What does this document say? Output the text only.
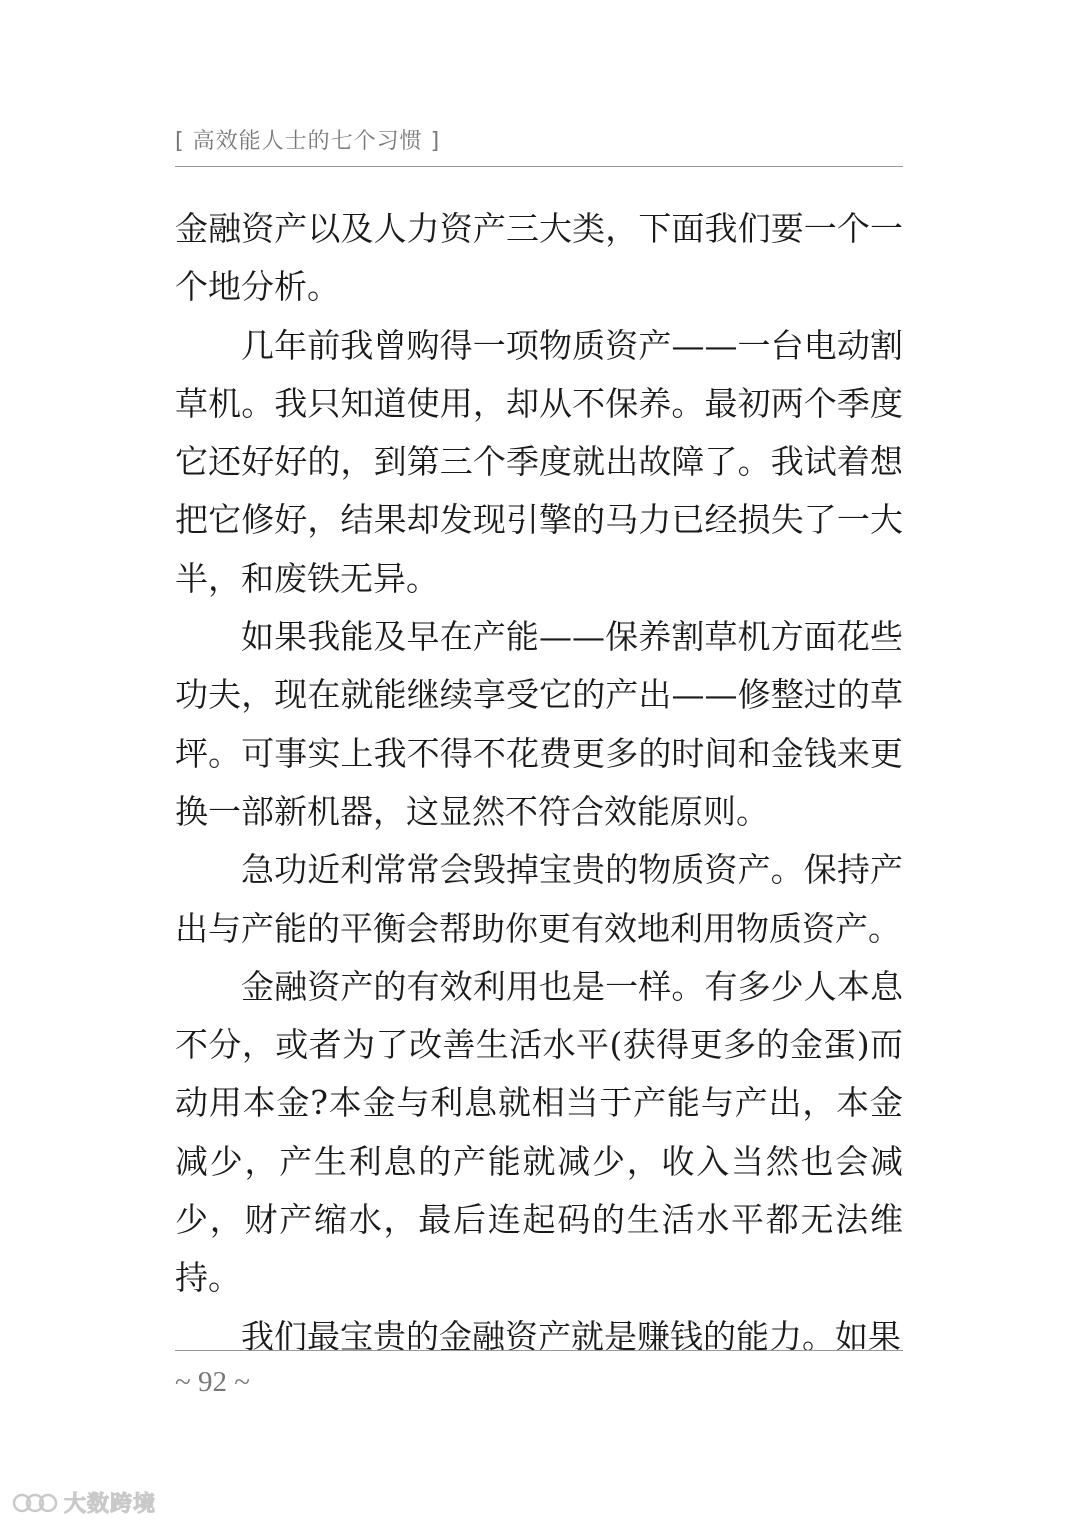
[ 高效能人士的七个习惯 ]

金融资产以及人力资产三大类，下面我们要一个一个地分析。

几年前我曾购得一项物质资产——一台电动割草机。我只知道使用，却从不保养。最初两个季度它还好好的，到第三个季度就出故障了。我试着想把它修好，结果却发现引擎的马力已经损失了一大半，和废铁无异。

如果我能及早在产能——保养割草机方面花些功夫，现在就能继续享受它的产出——修整过的草坪。可事实上我不得不花费更多的时间和金钱来更换一部新机器，这显然不符合效能原则。

急功近利常常会毁掉宝贵的物质资产。保持产出与产能的平衡会帮助你更有效地利用物质资产。

金融资产的有效利用也是一样。有多少人本息不分，或者为了改善生活水平(获得更多的金蛋)而动用本金?本金与利息就相当于产能与产出，本金减少，产生利息的产能就减少，收入当然也会减少，财产缩水，最后连起码的生活水平都无法维持。

我们最宝贵的金融资产就是赚钱的能力。如果

~ 92 ~
大数跨境
